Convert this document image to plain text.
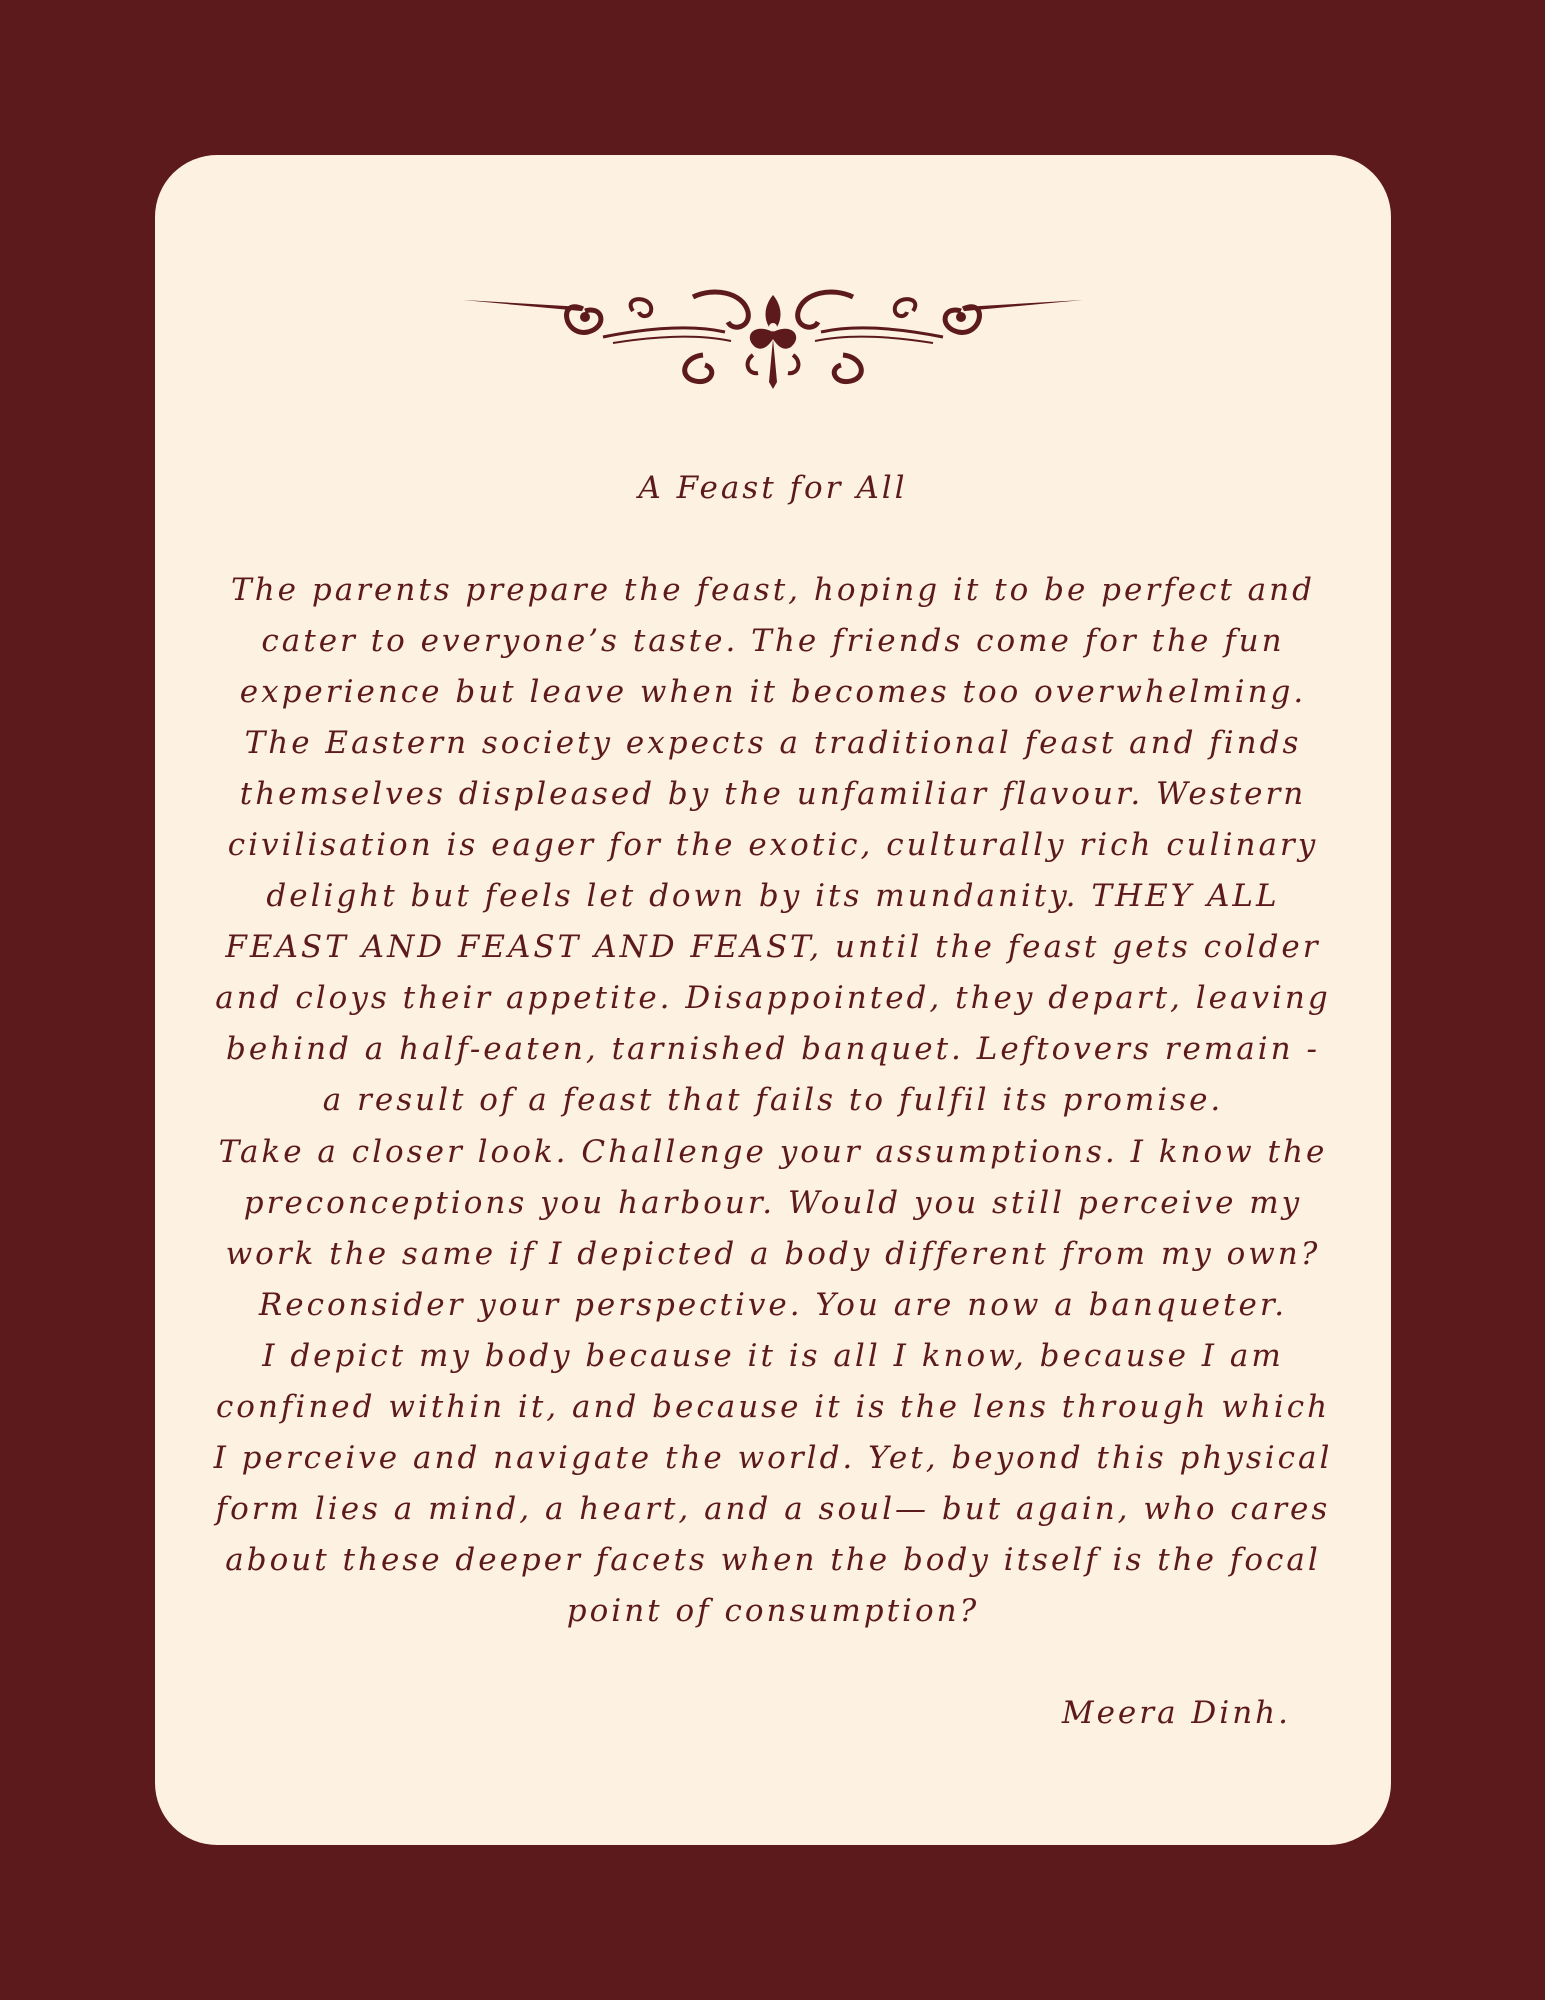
A Feast for All

The parents prepare the feast, hoping it to be perfect and cater to everyone’s taste. The friends come for the fun experience but leave when it becomes too overwhelming. The Eastern society expects a traditional feast and finds themselves displeased by the unfamiliar flavour. Western civilisation is eager for the exotic, culturally rich culinary delight but feels let down by its mundanity. THEY ALL FEAST AND FEAST AND FEAST, until the feast gets colder and cloys their appetite. Disappointed, they depart, leaving behind a half-eaten, tarnished banquet. Leftovers remain - a result of a feast that fails to fulfil its promise.

Take a closer look. Challenge your assumptions. I know the preconceptions you harbour. Would you still perceive my work the same if I depicted a body different from my own? Reconsider your perspective. You are now a banqueter.

I depict my body because it is all I know, because I am confined within it, and because it is the lens through which I perceive and navigate the world. Yet, beyond this physical form lies a mind, a heart, and a soul— but again, who cares about these deeper facets when the body itself is the focal point of consumption?

Meera Dinh.
